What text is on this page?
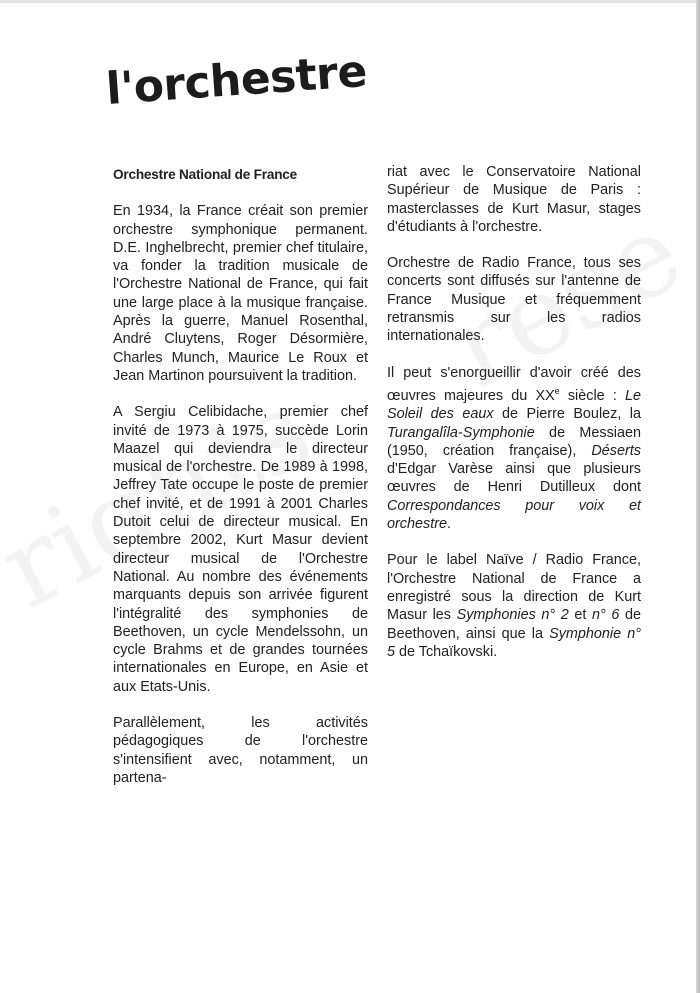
l'orchestre
Orchestre National de France

En 1934, la France créait son premier orchestre symphonique permanent. D.E. Inghelbrecht, premier chef titulaire, va fonder la tradition musicale de l'Orchestre National de France, qui fait une large place à la musique française. Après la guerre, Manuel Rosenthal, André Cluytens, Roger Désormière, Charles Munch, Maurice Le Roux et Jean Martinon poursuivent la tradition.

A Sergiu Celibidache, premier chef invité de 1973 à 1975, succède Lorin Maazel qui deviendra le directeur musical de l'orchestre. De 1989 à 1998, Jeffrey Tate occupe le poste de premier chef invité, et de 1991 à 2001 Charles Dutoit celui de directeur musical. En septembre 2002, Kurt Masur devient directeur musical de l'Orchestre National. Au nombre des événements marquants depuis son arrivée figurent l'intégralité des symphonies de Beethoven, un cycle Mendelssohn, un cycle Brahms et de grandes tournées internationales en Europe, en Asie et aux Etats-Unis.

Parallèlement, les activités pédagogiques de l'orchestre s'intensifient avec, notamment, un partena-

riat avec le Conservatoire National Supérieur de Musique de Paris : masterclasses de Kurt Masur, stages d'étudiants à l'orchestre.

Orchestre de Radio France, tous ses concerts sont diffusés sur l'antenne de France Musique et fréquemment retransmis sur les radios internationales.

Il peut s'enorgueillir d'avoir créé des œuvres majeures du XXe siècle : Le Soleil des eaux de Pierre Boulez, la Turangalîla-Symphonie de Messiaen (1950, création française), Déserts d'Edgar Varèse ainsi que plusieurs œuvres de Henri Dutilleux dont Correspondances pour voix et orchestre.

Pour le label Naïve / Radio France, l'Orchestre National de France a enregistré sous la direction de Kurt Masur les Symphonies n° 2 et n° 6 de Beethoven, ainsi que la Symphonie n° 5 de Tchaïkovski.
